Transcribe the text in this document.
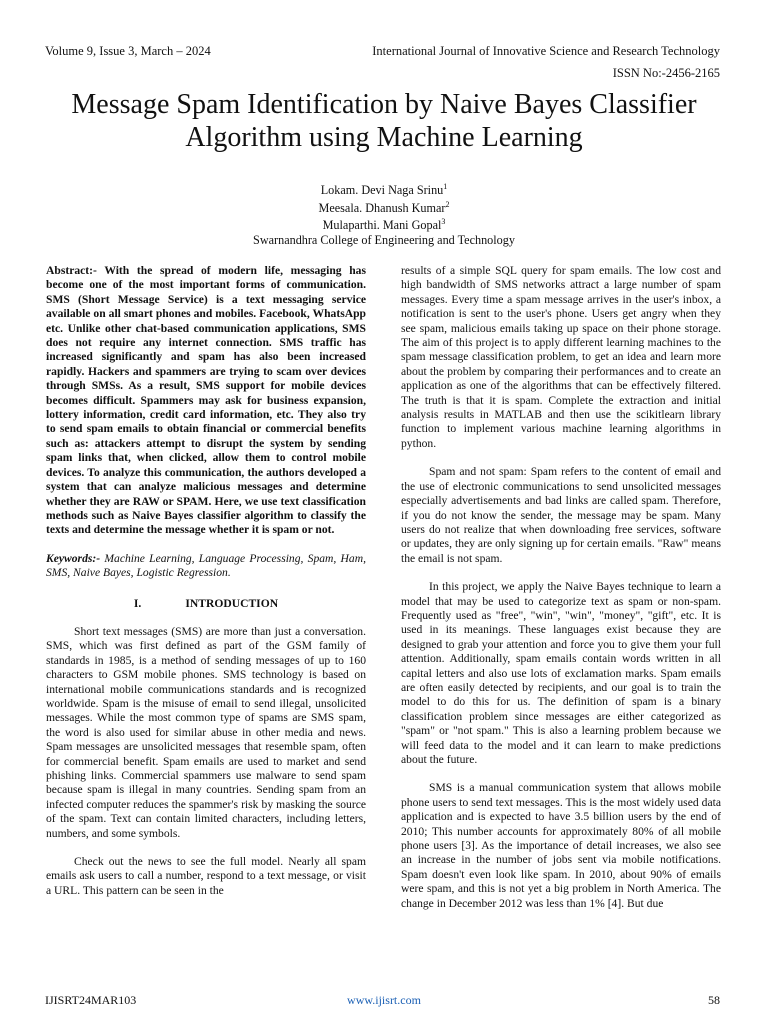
Volume 9, Issue 3, March – 2024	International Journal of Innovative Science and Research Technology
ISSN No:-2456-2165
Message Spam Identification by Naive Bayes Classifier Algorithm using Machine Learning
Lokam. Devi Naga Srinu$^1$
Meesala. Dhanush Kumar$^2$
Mulaparthi. Mani Gopal$^3$
Swarnandhra College of Engineering and Technology

Abstract:- With the spread of modern life, messaging has become one of the most important forms of communication. SMS (Short Message Service) is a text messaging service available on all smart phones and mobiles. Facebook, WhatsApp etc. Unlike other chat-based communication applications, SMS does not require any internet connection. SMS traffic has increased significantly and spam has also been increased rapidly. Hackers and spammers are trying to scam over devices through SMSs. As a result, SMS support for mobile devices becomes difficult. Spammers may ask for business expansion, lottery information, credit card information, etc. They also try to send spam emails to obtain financial or commercial benefits such as: attackers attempt to disrupt the system by sending spam links that, when clicked, allow them to control mobile devices. To analyze this communication, the authors developed a system that can analyze malicious messages and determine whether they are RAW or SPAM. Here, we use text classification methods such as Naive Bayes classifier algorithm to classify the texts and determine the message whether it is spam or not.

Keywords:- Machine Learning, Language Processing, Spam, Ham, SMS, Naive Bayes, Logistic Regression.

I.	INTRODUCTION

Short text messages (SMS) are more than just a conversation. SMS, which was first defined as part of the GSM family of standards in 1985, is a method of sending messages of up to 160 characters to GSM mobile phones. SMS technology is based on international mobile communications standards and is recognized worldwide. Spam is the misuse of email to send illegal, unsolicited messages. While the most common type of spams are SMS spam, the word is also used for similar abuse in other media and news. Spam messages are unsolicited messages that resemble spam, often for commercial benefit. Spam emails are used to market and send phishing links. Commercial spammers use malware to send spam because spam is illegal in many countries. Sending spam from an infected computer reduces the spammer's risk by masking the source of the spam. Text can contain limited characters, including letters, numbers, and some symbols.

Check out the news to see the full model. Nearly all spam emails ask users to call a number, respond to a text message, or visit a URL. This pattern can be seen in the

results of a simple SQL query for spam emails. The low cost and high bandwidth of SMS networks attract a large number of spam messages. Every time a spam message arrives in the user's inbox, a notification is sent to the user's phone. Users get angry when they see spam, malicious emails taking up space on their phone storage. The aim of this project is to apply different learning machines to the spam message classification problem, to get an idea and learn more about the problem by comparing their performances and to create an application as one of the algorithms that can be effectively filtered. The truth is that it is spam. Complete the extraction and initial analysis results in MATLAB and then use the scikitlearn library function to implement various machine learning algorithms in python.

Spam and not spam: Spam refers to the content of email and the use of electronic communications to send unsolicited messages especially advertisements and bad links are called spam. Therefore, if you do not know the sender, the message may be spam. Many users do not realize that when downloading free services, software or updates, they are only signing up for certain emails. "Raw" means the email is not spam.

In this project, we apply the Naive Bayes technique to learn a model that may be used to categorize text as spam or non-spam. Frequently used as "free", "win", "win", "money", "gift", etc. It is used in its meanings. These languages exist because they are designed to grab your attention and force you to give them your full attention. Additionally, spam emails contain words written in all capital letters and also use lots of exclamation marks. Spam emails are often easily detected by recipients, and our goal is to train the model to do this for us. The definition of spam is a binary classification problem since messages are either categorized as "spam" or "not spam." This is also a learning problem because we will feed data to the model and it can learn to make predictions about the future.

SMS is a manual communication system that allows mobile phone users to send text messages. This is the most widely used data application and is expected to have 3.5 billion users by the end of 2010; This number accounts for approximately 80% of all mobile phone users [3]. As the importance of detail increases, we also see an increase in the number of jobs sent via mobile notifications. Spam doesn't even look like spam. In 2010, about 90% of emails were spam, and this is not yet a big problem in North America. The change in December 2012 was less than 1% [4]. But due

IJISRT24MAR103	www.ijisrt.com	58
